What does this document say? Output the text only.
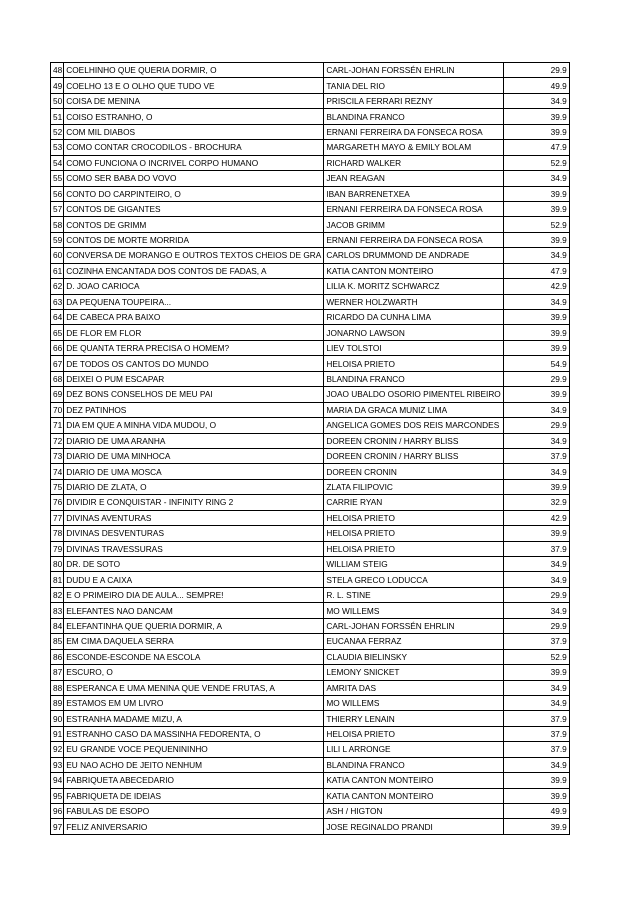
48	COELHINHO QUE QUERIA DORMIR, O	CARL-JOHAN FORSSÉN EHRLIN	29.9
49	COELHO 13 E O OLHO QUE TUDO VE	TANIA DEL RIO	49.9
50	COISA DE MENINA	PRISCILA FERRARI REZNY	34.9
51	COISO ESTRANHO, O	BLANDINA FRANCO	39.9
52	COM MIL DIABOS	ERNANI FERREIRA DA FONSECA ROSA	39.9
53	COMO CONTAR CROCODILOS - BROCHURA	MARGARETH MAYO & EMILY BOLAM	47.9
54	COMO FUNCIONA O INCRIVEL CORPO HUMANO	RICHARD WALKER	52.9
55	COMO SER BABA DO VOVO	JEAN REAGAN	34.9
56	CONTO DO CARPINTEIRO, O	IBAN BARRENETXEA	39.9
57	CONTOS DE GIGANTES	ERNANI FERREIRA DA FONSECA ROSA	39.9
58	CONTOS DE GRIMM	JACOB GRIMM	52.9
59	CONTOS DE MORTE MORRIDA	ERNANI FERREIRA DA FONSECA ROSA	39.9
60	CONVERSA DE MORANGO E OUTROS TEXTOS CHEIOS DE GRA	CARLOS DRUMMOND DE ANDRADE	34.9
61	COZINHA ENCANTADA DOS CONTOS DE FADAS, A	KATIA CANTON MONTEIRO	47.9
62	D. JOAO CARIOCA	LILIA K. MORITZ SCHWARCZ	42.9
63	DA PEQUENA TOUPEIRA...	WERNER HOLZWARTH	34.9
64	DE CABECA PRA BAIXO	RICARDO DA CUNHA LIMA	39.9
65	DE FLOR EM FLOR	JONARNO LAWSON	39.9
66	DE QUANTA TERRA PRECISA O HOMEM?	LIEV TOLSTOI	39.9
67	DE TODOS OS CANTOS DO MUNDO	HELOISA PRIETO	54.9
68	DEIXEI O PUM ESCAPAR	BLANDINA FRANCO	29.9
69	DEZ BONS CONSELHOS DE MEU PAI	JOAO UBALDO OSORIO PIMENTEL RIBEIRO	39.9
70	DEZ PATINHOS	MARIA DA GRACA MUNIZ LIMA	34.9
71	DIA EM QUE A MINHA VIDA MUDOU, O	ANGELICA GOMES DOS REIS MARCONDES	29.9
72	DIARIO DE UMA ARANHA	DOREEN CRONIN / HARRY BLISS	34.9
73	DIARIO DE UMA MINHOCA	DOREEN CRONIN / HARRY BLISS	37.9
74	DIARIO DE UMA MOSCA	DOREEN CRONIN	34.9
75	DIARIO DE ZLATA, O	ZLATA FILIPOVIC	39.9
76	DIVIDIR E CONQUISTAR - INFINITY RING 2	CARRIE RYAN	32.9
77	DIVINAS AVENTURAS	HELOISA PRIETO	42.9
78	DIVINAS DESVENTURAS	HELOISA PRIETO	39.9
79	DIVINAS TRAVESSURAS	HELOISA PRIETO	37.9
80	DR. DE SOTO	WILLIAM STEIG	34.9
81	DUDU E A CAIXA	STELA GRECO LODUCCA	34.9
82	E O PRIMEIRO DIA DE AULA... SEMPRE!	R. L. STINE	29.9
83	ELEFANTES NAO DANCAM	MO WILLEMS	34.9
84	ELEFANTINHA QUE QUERIA DORMIR, A	CARL-JOHAN FORSSÉN EHRLIN	29.9
85	EM CIMA DAQUELA SERRA	EUCANAA FERRAZ	37.9
86	ESCONDE-ESCONDE NA ESCOLA	CLAUDIA BIELINSKY	52.9
87	ESCURO, O	LEMONY SNICKET	39.9
88	ESPERANCA E UMA MENINA QUE VENDE FRUTAS, A	AMRITA DAS	34.9
89	ESTAMOS EM UM LIVRO	MO WILLEMS	34.9
90	ESTRANHA MADAME MIZU, A	THIERRY LENAIN	37.9
91	ESTRANHO CASO DA MASSINHA FEDORENTA, O	HELOISA PRIETO	37.9
92	EU GRANDE VOCE PEQUENININHO	LILI L ARRONGE	37.9
93	EU NAO ACHO DE JEITO NENHUM	BLANDINA FRANCO	34.9
94	FABRIQUETA ABECEDARIO	KATIA CANTON MONTEIRO	39.9
95	FABRIQUETA DE IDEIAS	KATIA CANTON MONTEIRO	39.9
96	FABULAS DE ESOPO	ASH / HIGTON	49.9
97	FELIZ ANIVERSARIO	JOSE REGINALDO PRANDI	39.9
